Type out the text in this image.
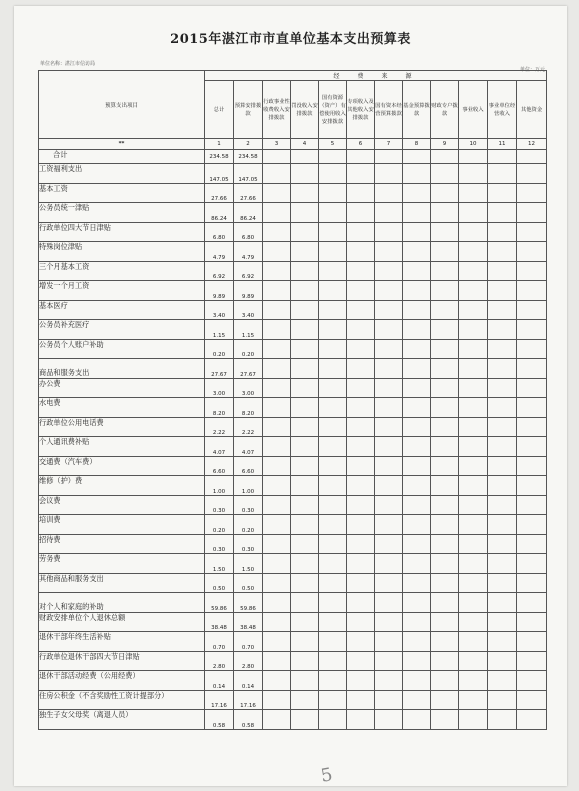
2015年湛江市市直单位基本支出预算表
单位名称：湛江市信访局
单位：万元
预算支出项目	经　费　来　源											
	总计	预算安排拨款	行政事业性收费收入安排拨款	罚没收入安排拨款	国有资源（资产）有偿使用收入安排拨款	专项收入及其他收入安排拨款	国有资本经营预算拨款	基金预算拨款	财政专户拨款	事业收入	事业单位经营收入	其他资金
**	1	2	3	4	5	6	7	8	9	10	11	12
合计	234.58	234.58										
工资福利支出	147.05	147.05										
基本工资	27.66	27.66										
公务员统一津贴	86.24	86.24										
行政单位四大节日津贴	6.80	6.80										
特殊岗位津贴	4.79	4.79										
三个月基本工资	6.92	6.92										
增发一个月工资	9.89	9.89										
基本医疗	3.40	3.40										
公务员补充医疗	1.15	1.15										
公务员个人账户补助	0.20	0.20										
商品和服务支出	27.67	27.67										
办公费	3.00	3.00										
水电费	8.20	8.20										
行政单位公用电话费	2.22	2.22										
个人通讯费补贴	4.07	4.07										
交通费（汽车费）	6.60	6.60										
维修（护）费	1.00	1.00										
会议费	0.30	0.30										
培训费	0.20	0.20										
招待费	0.30	0.30										
劳务费	1.50	1.50										
其他商品和服务支出	0.50	0.50										
对个人和家庭的补助	59.86	59.86										
财政安排单位个人退休总额	38.48	38.48										
退休干部年终生活补贴	0.70	0.70										
行政单位退休干部四大节日津贴	2.80	2.80										
退休干部活动经费（公用经费）	0.14	0.14										
住房公积金（不含奖励性工资计提部分）	17.16	17.16										
独生子女父母奖（离退人员）	0.58	0.58										
5
